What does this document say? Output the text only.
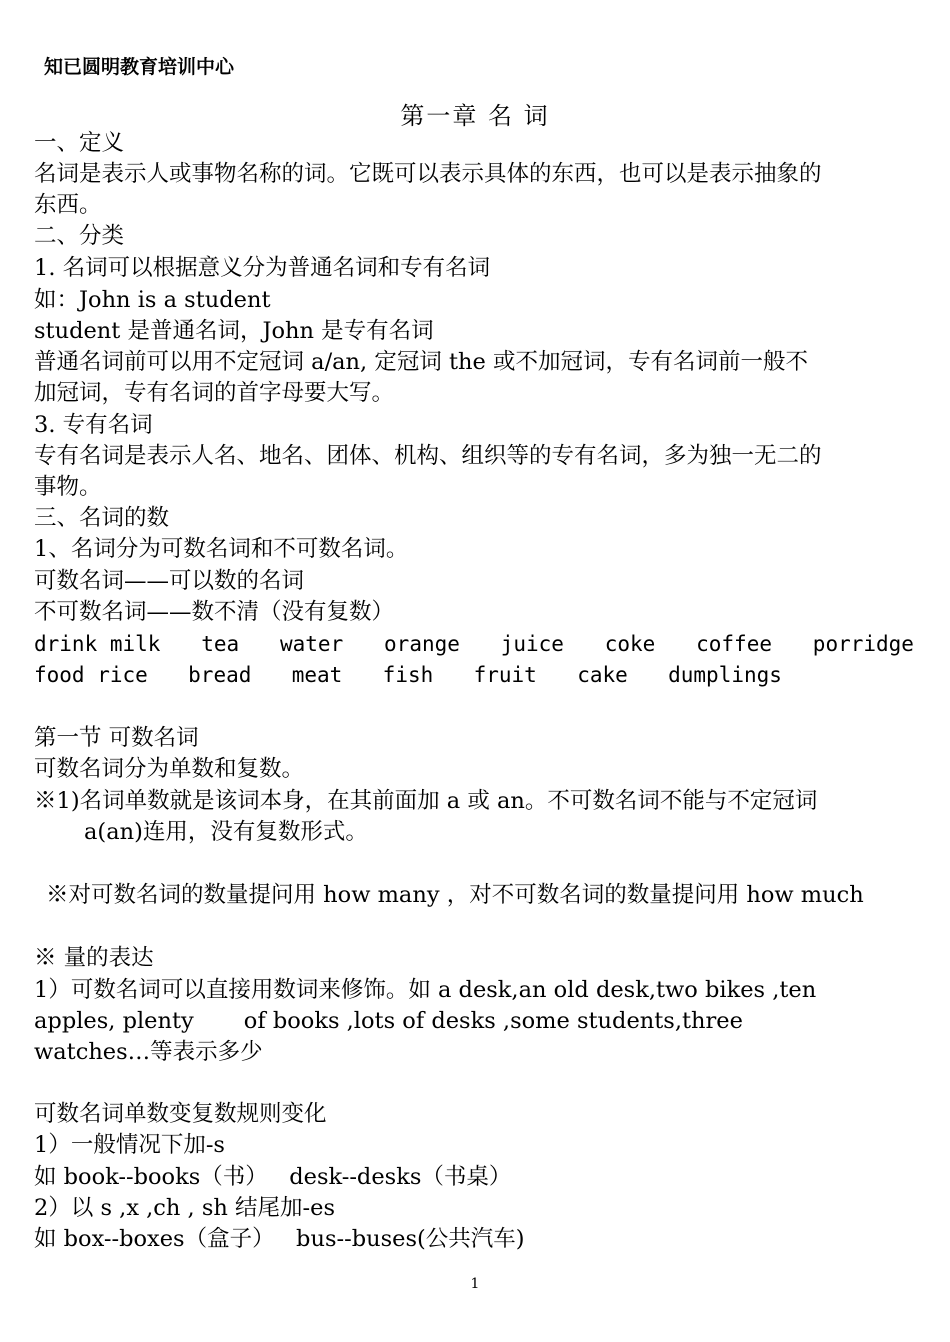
知已圆明教育培训中心
第一章 名 词
一、定义
名词是表示人或事物名称的词。它既可以表示具体的东西，也可以是表示抽象的
东西。
二、分类
1. 名词可以根据意义分为普通名词和专有名词
如：John is a student
student 是普通名词，John 是专有名词
普通名词前可以用不定冠词 a/an, 定冠词 the 或不加冠词，专有名词前一般不
加冠词，专有名词的首字母要大写。
3. 专有名词
专有名词是表示人名、地名、团体、机构、组织等的专有名词，多为独一无二的
事物。
三、名词的数
1、名词分为可数名词和不可数名词。
可数名词——可以数的名词
不可数名词——数不清（没有复数）
drink milk tea water orange juice coke coffee porridge
food rice bread meat fish fruit cake dumplings
第一节 可数名词
可数名词分为单数和复数。
※1)名词单数就是该词本身，在其前面加 a 或 an。不可数名词不能与不定冠词
a(an)连用，没有复数形式。
※对可数名词的数量提问用 how many ，对不可数名词的数量提问用 how much
※ 量的表达
1）可数名词可以直接用数词来修饰。如 a desk,an old desk,two bikes ,ten
apples, plenty       of books ,lots of desks ,some students,three
watches…等表示多少
可数名词单数变复数规则变化
1）一般情况下加-s
如 book--books（书）   desk--desks（书桌）
2）以 s ,x ,ch , sh 结尾加-es
如 box--boxes（盒子）   bus--buses(公共汽车)
1
